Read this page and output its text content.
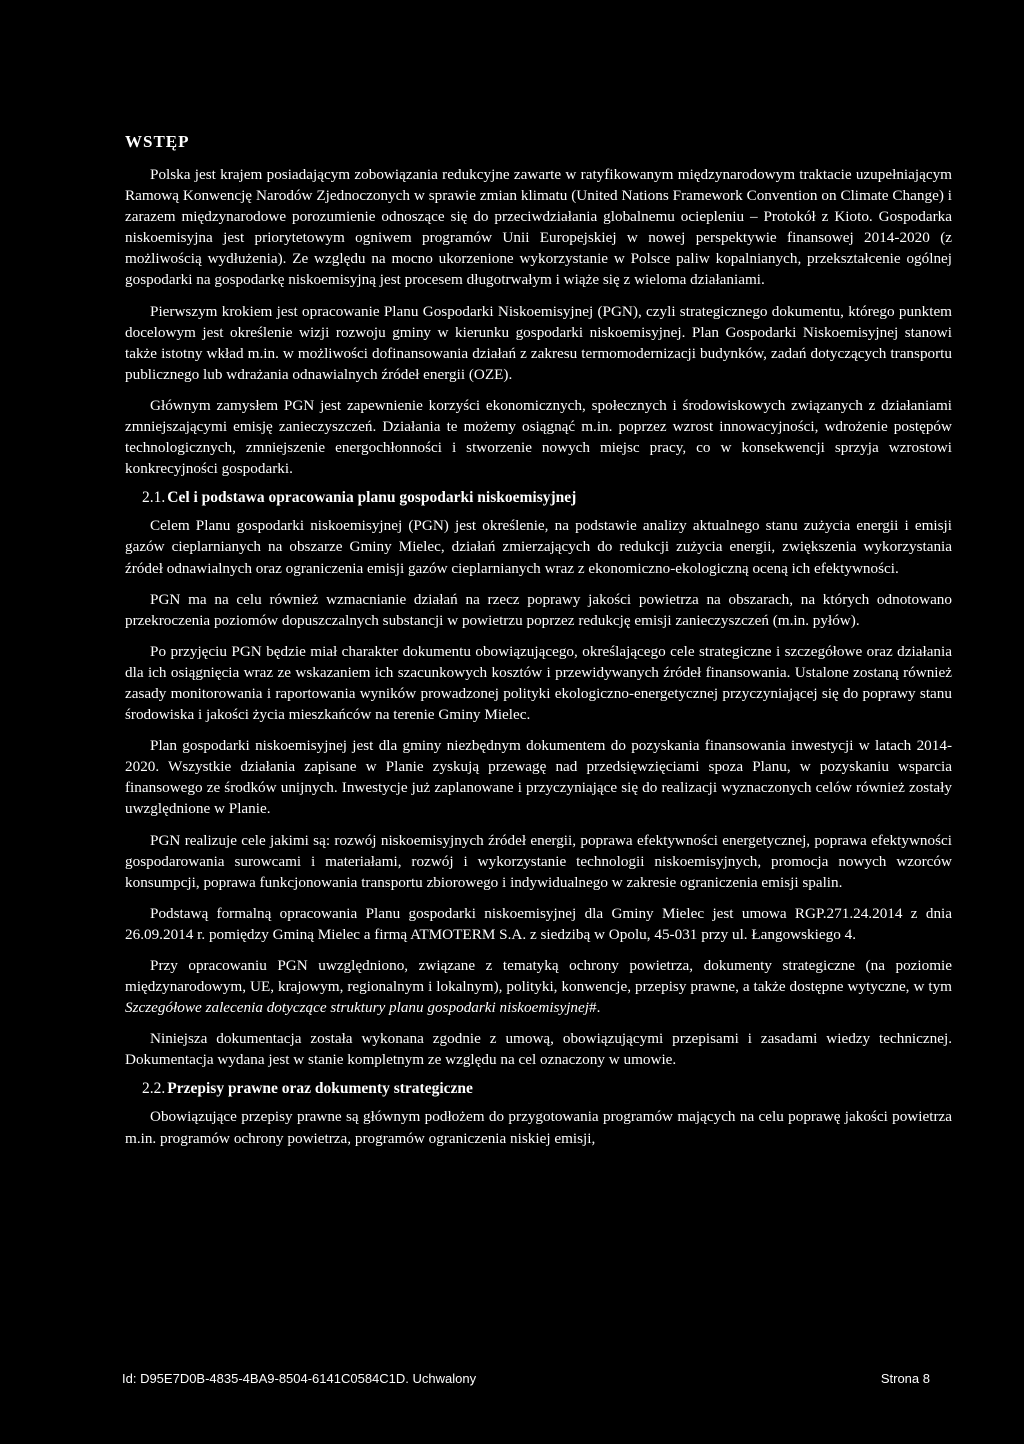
WSTĘP

Polska jest krajem posiadającym zobowiązania redukcyjne zawarte w ratyfikowanym międzynarodowym traktacie uzupełniającym Ramową Konwencję Narodów Zjednoczonych w sprawie zmian klimatu (United Nations Framework Convention on Climate Change) i zarazem międzynarodowe porozumienie odnoszące się do przeciwdziałania globalnemu ociepleniu – Protokół z Kioto. Gospodarka niskoemisyjna jest priorytetowym ogniwem programów Unii Europejskiej w nowej perspektywie finansowej 2014-2020 (z możliwością wydłużenia). Ze względu na mocno ukorzenione wykorzystanie w Polsce paliw kopalnianych, przekształcenie ogólnej gospodarki na gospodarkę niskoemisyjną jest procesem długotrwałym i wiąże się z wieloma działaniami.

Pierwszym krokiem jest opracowanie Planu Gospodarki Niskoemisyjnej (PGN), czyli strategicznego dokumentu, którego punktem docelowym jest określenie wizji rozwoju gminy w kierunku gospodarki niskoemisyjnej. Plan Gospodarki Niskoemisyjnej stanowi także istotny wkład m.in. w możliwości dofinansowania działań z zakresu termomodernizacji budynków, zadań dotyczących transportu publicznego lub wdrażania odnawialnych źródeł energii (OZE).

Głównym zamysłem PGN jest zapewnienie korzyści ekonomicznych, społecznych i środowiskowych związanych z działaniami zmniejszającymi emisję zanieczyszczeń. Działania te możemy osiągnąć m.in. poprzez wzrost innowacyjności, wdrożenie postępów technologicznych, zmniejszenie energochłonności i stworzenie nowych miejsc pracy, co w konsekwencji sprzyja wzrostowi konkrecyjności gospodarki.

2.1. Cel i podstawa opracowania planu gospodarki niskoemisyjnej

Celem Planu gospodarki niskoemisyjnej (PGN) jest określenie, na podstawie analizy aktualnego stanu zużycia energii i emisji gazów cieplarnianych na obszarze Gminy Mielec, działań zmierzających do redukcji zużycia energii, zwiększenia wykorzystania źródeł odnawialnych oraz ograniczenia emisji gazów cieplarnianych wraz z ekonomiczno-ekologiczną oceną ich efektywności.

PGN ma na celu również wzmacnianie działań na rzecz poprawy jakości powietrza na obszarach, na których odnotowano przekroczenia poziomów dopuszczalnych substancji w powietrzu poprzez redukcję emisji zanieczyszczeń (m.in. pyłów).

Po przyjęciu PGN będzie miał charakter dokumentu obowiązującego, określającego cele strategiczne i szczegółowe oraz działania dla ich osiągnięcia wraz ze wskazaniem ich szacunkowych kosztów i przewidywanych źródeł finansowania. Ustalone zostaną również zasady monitorowania i raportowania wyników prowadzonej polityki ekologiczno-energetycznej przyczyniającej się do poprawy stanu środowiska i jakości życia mieszkańców na terenie Gminy Mielec.

Plan gospodarki niskoemisyjnej jest dla gminy niezbędnym dokumentem do pozyskania finansowania inwestycji w latach 2014-2020. Wszystkie działania zapisane w Planie zyskują przewagę nad przedsięwzięciami spoza Planu, w pozyskaniu wsparcia finansowego ze środków unijnych. Inwestycje już zaplanowane i przyczyniające się do realizacji wyznaczonych celów również zostały uwzględnione w Planie.

PGN realizuje cele jakimi są: rozwój niskoemisyjnych źródeł energii, poprawa efektywności energetycznej, poprawa efektywności gospodarowania surowcami i materiałami, rozwój i wykorzystanie technologii niskoemisyjnych, promocja nowych wzorców konsumpcji, poprawa funkcjonowania transportu zbiorowego i indywidualnego w zakresie ograniczenia emisji spalin.

Podstawą formalną opracowania Planu gospodarki niskoemisyjnej dla Gminy Mielec jest umowa RGP.271.24.2014 z dnia 26.09.2014 r. pomiędzy Gminą Mielec a firmą ATMOTERM S.A. z siedzibą w Opolu, 45-031 przy ul. Łangowskiego 4.

Przy opracowaniu PGN uwzględniono, związane z tematyką ochrony powietrza, dokumenty strategiczne (na poziomie międzynarodowym, UE, krajowym, regionalnym i lokalnym), polityki, konwencje, przepisy prawne, a także dostępne wytyczne, w tym Szczegółowe zalecenia dotyczące struktury planu gospodarki niskoemisyjnej#.

Niniejsza dokumentacja została wykonana zgodnie z umową, obowiązującymi przepisami i zasadami wiedzy technicznej. Dokumentacja wydana jest w stanie kompletnym ze względu na cel oznaczony w umowie.

2.2. Przepisy prawne oraz dokumenty strategiczne

Obowiązujące przepisy prawne są głównym podłożem do przygotowania programów mających na celu poprawę jakości powietrza m.in. programów ochrony powietrza, programów ograniczenia niskiej emisji,

Id: D95E7D0B-4835-4BA9-8504-6141C0584C1D. Uchwalony	Strona 8
